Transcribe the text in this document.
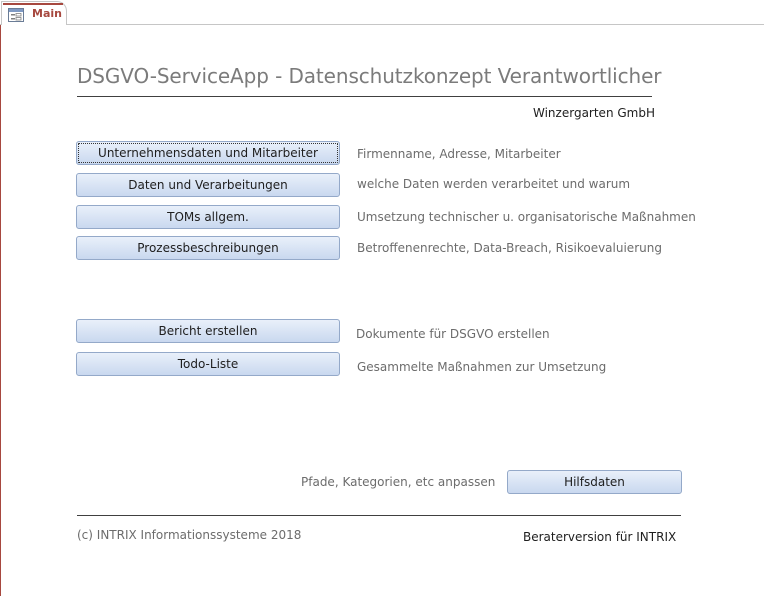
Main
DSGVO-ServiceApp - Datenschutzkonzept Verantwortlicher
Winzergarten GmbH
Unternehmensdaten und Mitarbeiter	Firmenname, Adresse, Mitarbeiter
Daten und Verarbeitungen	welche Daten werden verarbeitet und warum
TOMs allgem.	Umsetzung technischer u. organisatorische Maßnahmen
Prozessbeschreibungen	Betroffenenrechte, Data-Breach, Risikoevaluierung
Bericht erstellen	Dokumente für DSGVO erstellen
Todo-Liste	Gesammelte Maßnahmen zur Umsetzung
Pfade, Kategorien, etc anpassen	Hilfsdaten
(c) INTRIX Informationssysteme 2018	Beraterversion für INTRIX
